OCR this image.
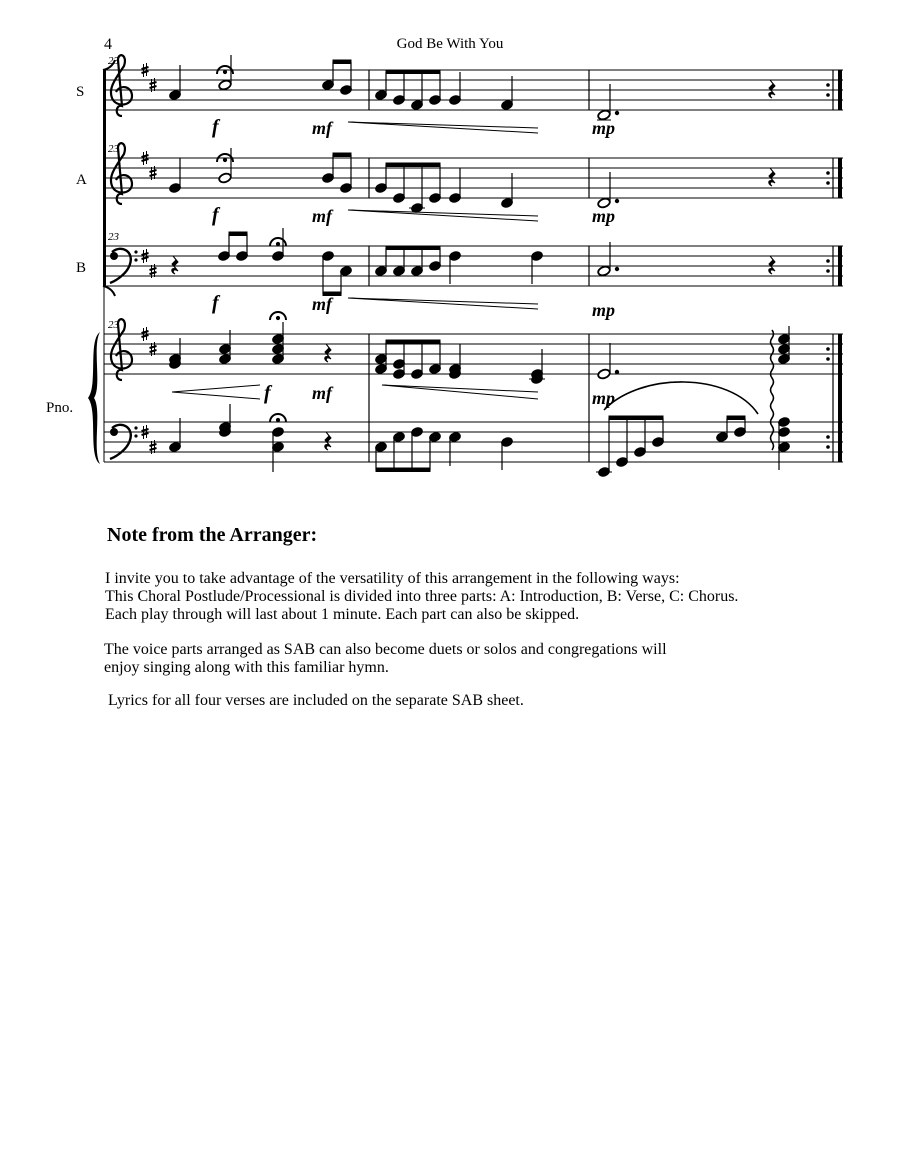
4	God Be With You
S
A
B
Pno.
23
23
23
23
f	mf	mp
f	mf	mp
f	mf	mp
f mf	mp
Note from the Arranger:
I invite you to take advantage of the versatility of this arrangement in the following ways:
This Choral Postlude/Processional is divided into three parts: A: Introduction, B: Verse, C: Chorus.
Each play through will last about 1 minute. Each part can also be skipped.
The voice parts arranged as SAB can also become duets or solos and congregations will
enjoy singing along with this familiar hymn.
Lyrics for all four verses are included on the separate SAB sheet.
